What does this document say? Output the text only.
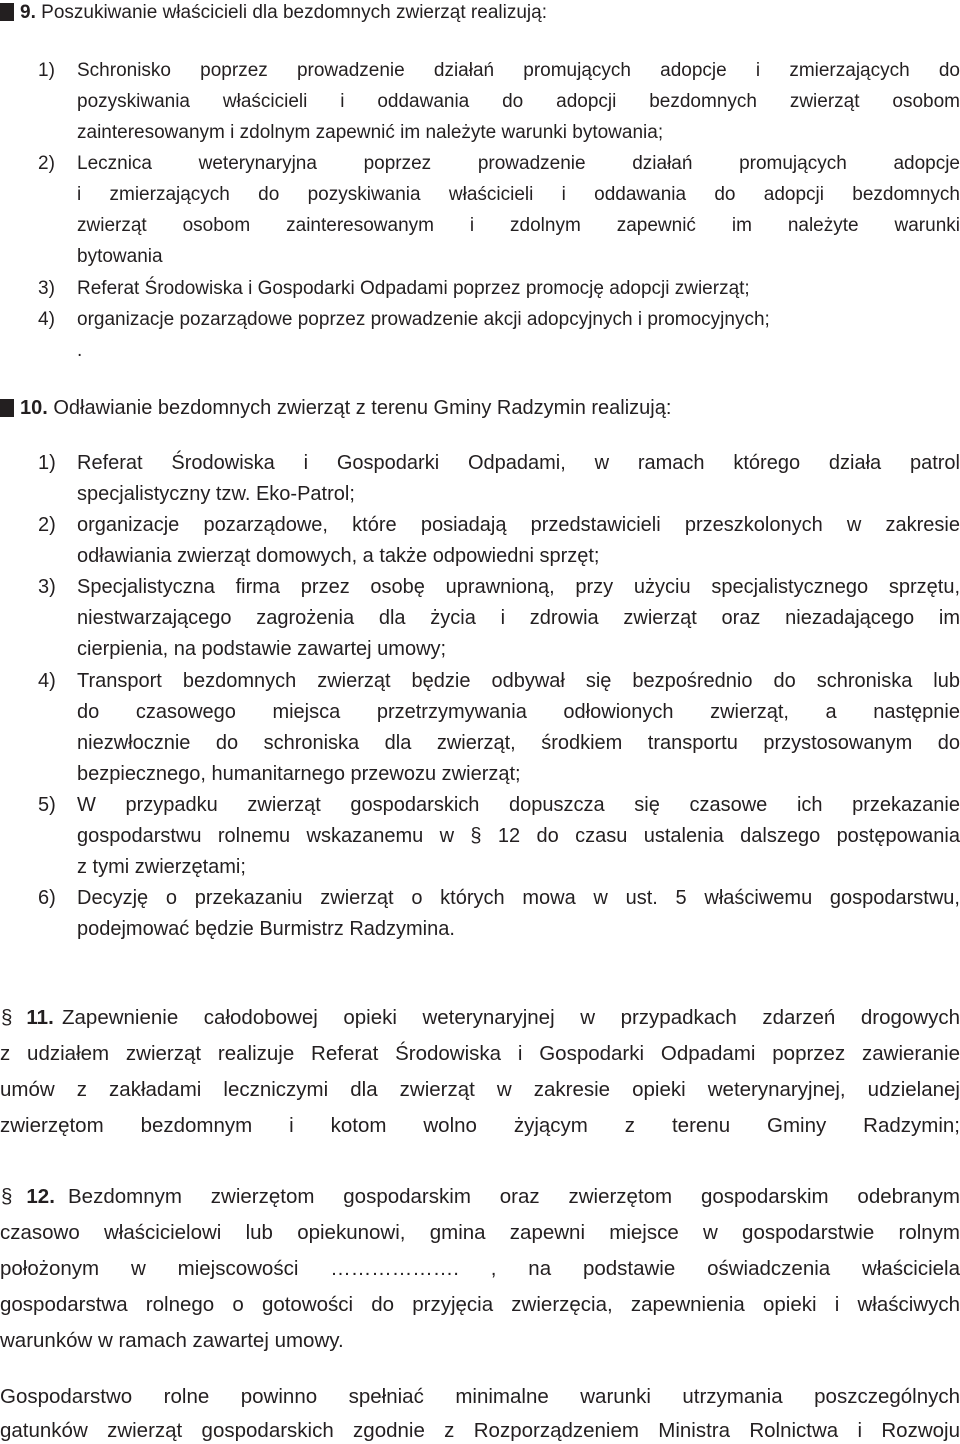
9. Poszukiwanie właścicieli dla bezdomnych zwierząt realizują:
1) Schronisko poprzez prowadzenie działań promujących adopcje i zmierzających do
pozyskiwania właścicieli i oddawania do adopcji bezdomnych zwierząt osobom
zainteresowanym i zdolnym zapewnić im należyte warunki bytowania;
2) Lecznica weterynaryjna poprzez prowadzenie działań promujących adopcje
i zmierzających do pozyskiwania właścicieli i oddawania do adopcji bezdomnych
zwierząt osobom zainteresowanym i zdolnym zapewnić im należyte warunki
bytowania
3) Referat Środowiska i Gospodarki Odpadami poprzez promocję adopcji zwierząt;
4) organizacje pozarządowe poprzez prowadzenie akcji adopcyjnych i promocyjnych;
.
10. Odławianie bezdomnych zwierząt z terenu Gminy Radzymin realizują:
1) Referat Środowiska i Gospodarki Odpadami, w ramach którego działa patrol
specjalistyczny tzw. Eko-Patrol;
2) organizacje pozarządowe, które posiadają przedstawicieli przeszkolonych w zakresie
odławiania zwierząt domowych, a także odpowiedni sprzęt;
3) Specjalistyczna firma przez osobę uprawnioną, przy użyciu specjalistycznego sprzętu,
niestwarzającego zagrożenia dla życia i zdrowia zwierząt oraz niezadającego im
cierpienia, na podstawie zawartej umowy;
4) Transport bezdomnych zwierząt będzie odbywał się bezpośrednio do schroniska lub
do czasowego miejsca przetrzymywania odłowionych zwierząt, a następnie
niezwłocznie do schroniska dla zwierząt, środkiem transportu przystosowanym do
bezpiecznego, humanitarnego przewozu zwierząt;
5) W przypadku zwierząt gospodarskich dopuszcza się czasowe ich przekazanie
gospodarstwu rolnemu wskazanemu w § 12 do czasu ustalenia dalszego postępowania
z tymi zwierzętami;
6) Decyzję o przekazaniu zwierząt o których mowa w ust. 5 właściwemu gospodarstwu,
podejmować będzie Burmistrz Radzymina.
§ 11. Zapewnienie całodobowej opieki weterynaryjnej w przypadkach zdarzeń drogowych
z udziałem zwierząt realizuje Referat Środowiska i Gospodarki Odpadami poprzez zawieranie
umów z zakładami leczniczymi dla zwierząt w zakresie opieki weterynaryjnej, udzielanej
zwierzętom bezdomnym i kotom wolno żyjącym z terenu Gminy Radzymin;
§ 12. Bezdomnym zwierzętom gospodarskim oraz zwierzętom gospodarskim odebranym
czasowo właścicielowi lub opiekunowi, gmina zapewni miejsce w gospodarstwie rolnym
położonym w miejscowości ………………. , na podstawie oświadczenia właściciela
gospodarstwa rolnego o gotowości do przyjęcia zwierzęcia, zapewnienia opieki i właściwych
warunków w ramach zawartej umowy.
Gospodarstwo rolne powinno spełniać minimalne warunki utrzymania poszczególnych
gatunków zwierząt gospodarskich zgodnie z Rozporządzeniem Ministra Rolnictwa i Rozwoju
